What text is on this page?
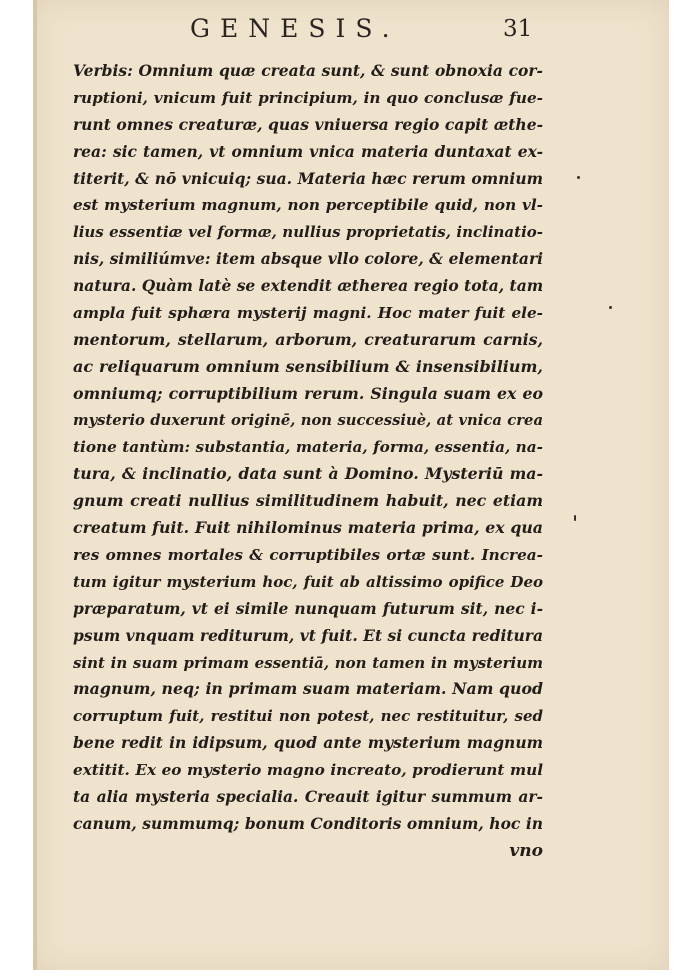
GENESIS.	31
Verbis: Omnium quæ creata sunt, & sunt obnoxia cor-
ruptioni, vnicum fuit principium, in quo conclusæ fue-
runt omnes creaturæ, quas vniuersa regio capit æthe-
rea: sic tamen, vt omnium vnica materia duntaxat ex-
titerit, & nō vnicuiq; sua. Materia hæc rerum omnium
est mysterium magnum, non perceptibile quid, non vl-
lius essentiæ vel formæ, nullius proprietatis, inclinatio-
nis, similiúmve: item absque vllo colore, & elementari
natura. Quàm latè se extendit ætherea regio tota, tam
ampla fuit sphæra mysterij magni. Hoc mater fuit ele-
mentorum, stellarum, arborum, creaturarum carnis,
ac reliquarum omnium sensibilium & insensibilium,
omniumq; corruptibilium rerum. Singula suam ex eo
mysterio duxerunt originē, non successiuè, at vnica crea
tione tantùm: substantia, materia, forma, essentia, na-
tura, & inclinatio, data sunt à Domino. Mysteriū ma-
gnum creati nullius similitudinem habuit, nec etiam
creatum fuit. Fuit nihilominus materia prima, ex qua
res omnes mortales & corruptibiles ortæ sunt. Increa-
tum igitur mysterium hoc, fuit ab altissimo opifice Deo
præparatum, vt ei simile nunquam futurum sit, nec i-
psum vnquam rediturum, vt fuit. Et si cuncta reditura
sint in suam primam essentiā, non tamen in mysterium
magnum, neq; in primam suam materiam. Nam quod
corruptum fuit, restitui non potest, nec restituitur, sed
bene redit in idipsum, quod ante mysterium magnum
extitit. Ex eo mysterio magno increato, prodierunt mul
ta alia mysteria specialia. Creauit igitur summum ar-
canum, summumq; bonum Conditoris omnium, hoc in
vno
